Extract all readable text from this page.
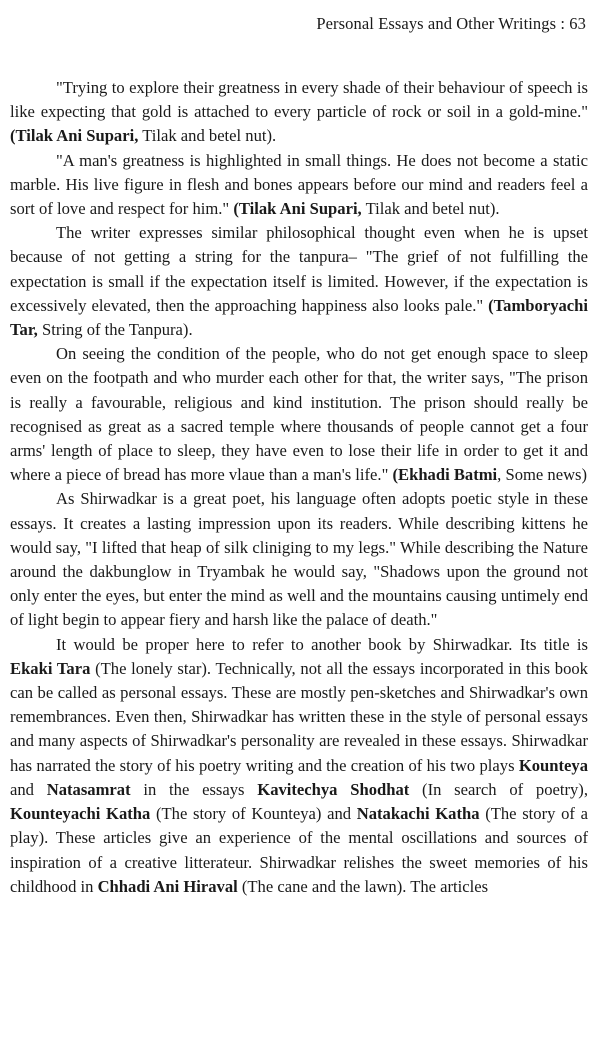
Personal Essays and Other Writings : 63

"Trying to explore their greatness in every shade of their behaviour of speech is like expecting that gold is attached to every particle of rock or soil in a gold-mine." (Tilak Ani Supari, Tilak and betel nut).

"A man's greatness is highlighted in small things. He does not become a static marble. His live figure in flesh and bones appears before our mind and readers feel a sort of love and respect for him." (Tilak Ani Supari, Tilak and betel nut).

The writer expresses similar philosophical thought even when he is upset because of not getting a string for the tanpura– "The grief of not fulfilling the expectation is small if the expectation itself is limited. However, if the expectation is excessively elevated, then the approaching happiness also looks pale." (Tamboryachi Tar, String of the Tanpura).

On seeing the condition of the people, who do not get enough space to sleep even on the footpath and who murder each other for that, the writer says, "The prison is really a favourable, religious and kind institution. The prison should really be recognised as great as a sacred temple where thousands of people cannot get a four arms' length of place to sleep, they have even to lose their life in order to get it and where a piece of bread has more vlaue than a man's life." (Ekhadi Batmi, Some news)

As Shirwadkar is a great poet, his language often adopts poetic style in these essays. It creates a lasting impression upon its readers. While describing kittens he would say, "I lifted that heap of silk cliniging to my legs." While describing the Nature around the dakbunglow in Tryambak he would say, "Shadows upon the ground not only enter the eyes, but enter the mind as well and the mountains causing untimely end of light begin to appear fiery and harsh like the palace of death."

It would be proper here to refer to another book by Shirwadkar. Its title is Ekaki Tara (The lonely star). Technically, not all the essays incorporated in this book can be called as personal essays. These are mostly pen-sketches and Shirwadkar's own remembrances. Even then, Shirwadkar has written these in the style of personal essays and many aspects of Shirwadkar's personality are revealed in these essays. Shirwadkar has narrated the story of his poetry writing and the creation of his two plays Kounteya and Natasamrat in the essays Kavitechya Shodhat (In search of poetry), Kounteyachi Katha (The story of Kounteya) and Natakachi Katha (The story of a play). These articles give an experience of the mental oscillations and sources of inspiration of a creative litterateur. Shirwadkar relishes the sweet memories of his childhood in Chhadi Ani Hiraval (The cane and the lawn). The articles
